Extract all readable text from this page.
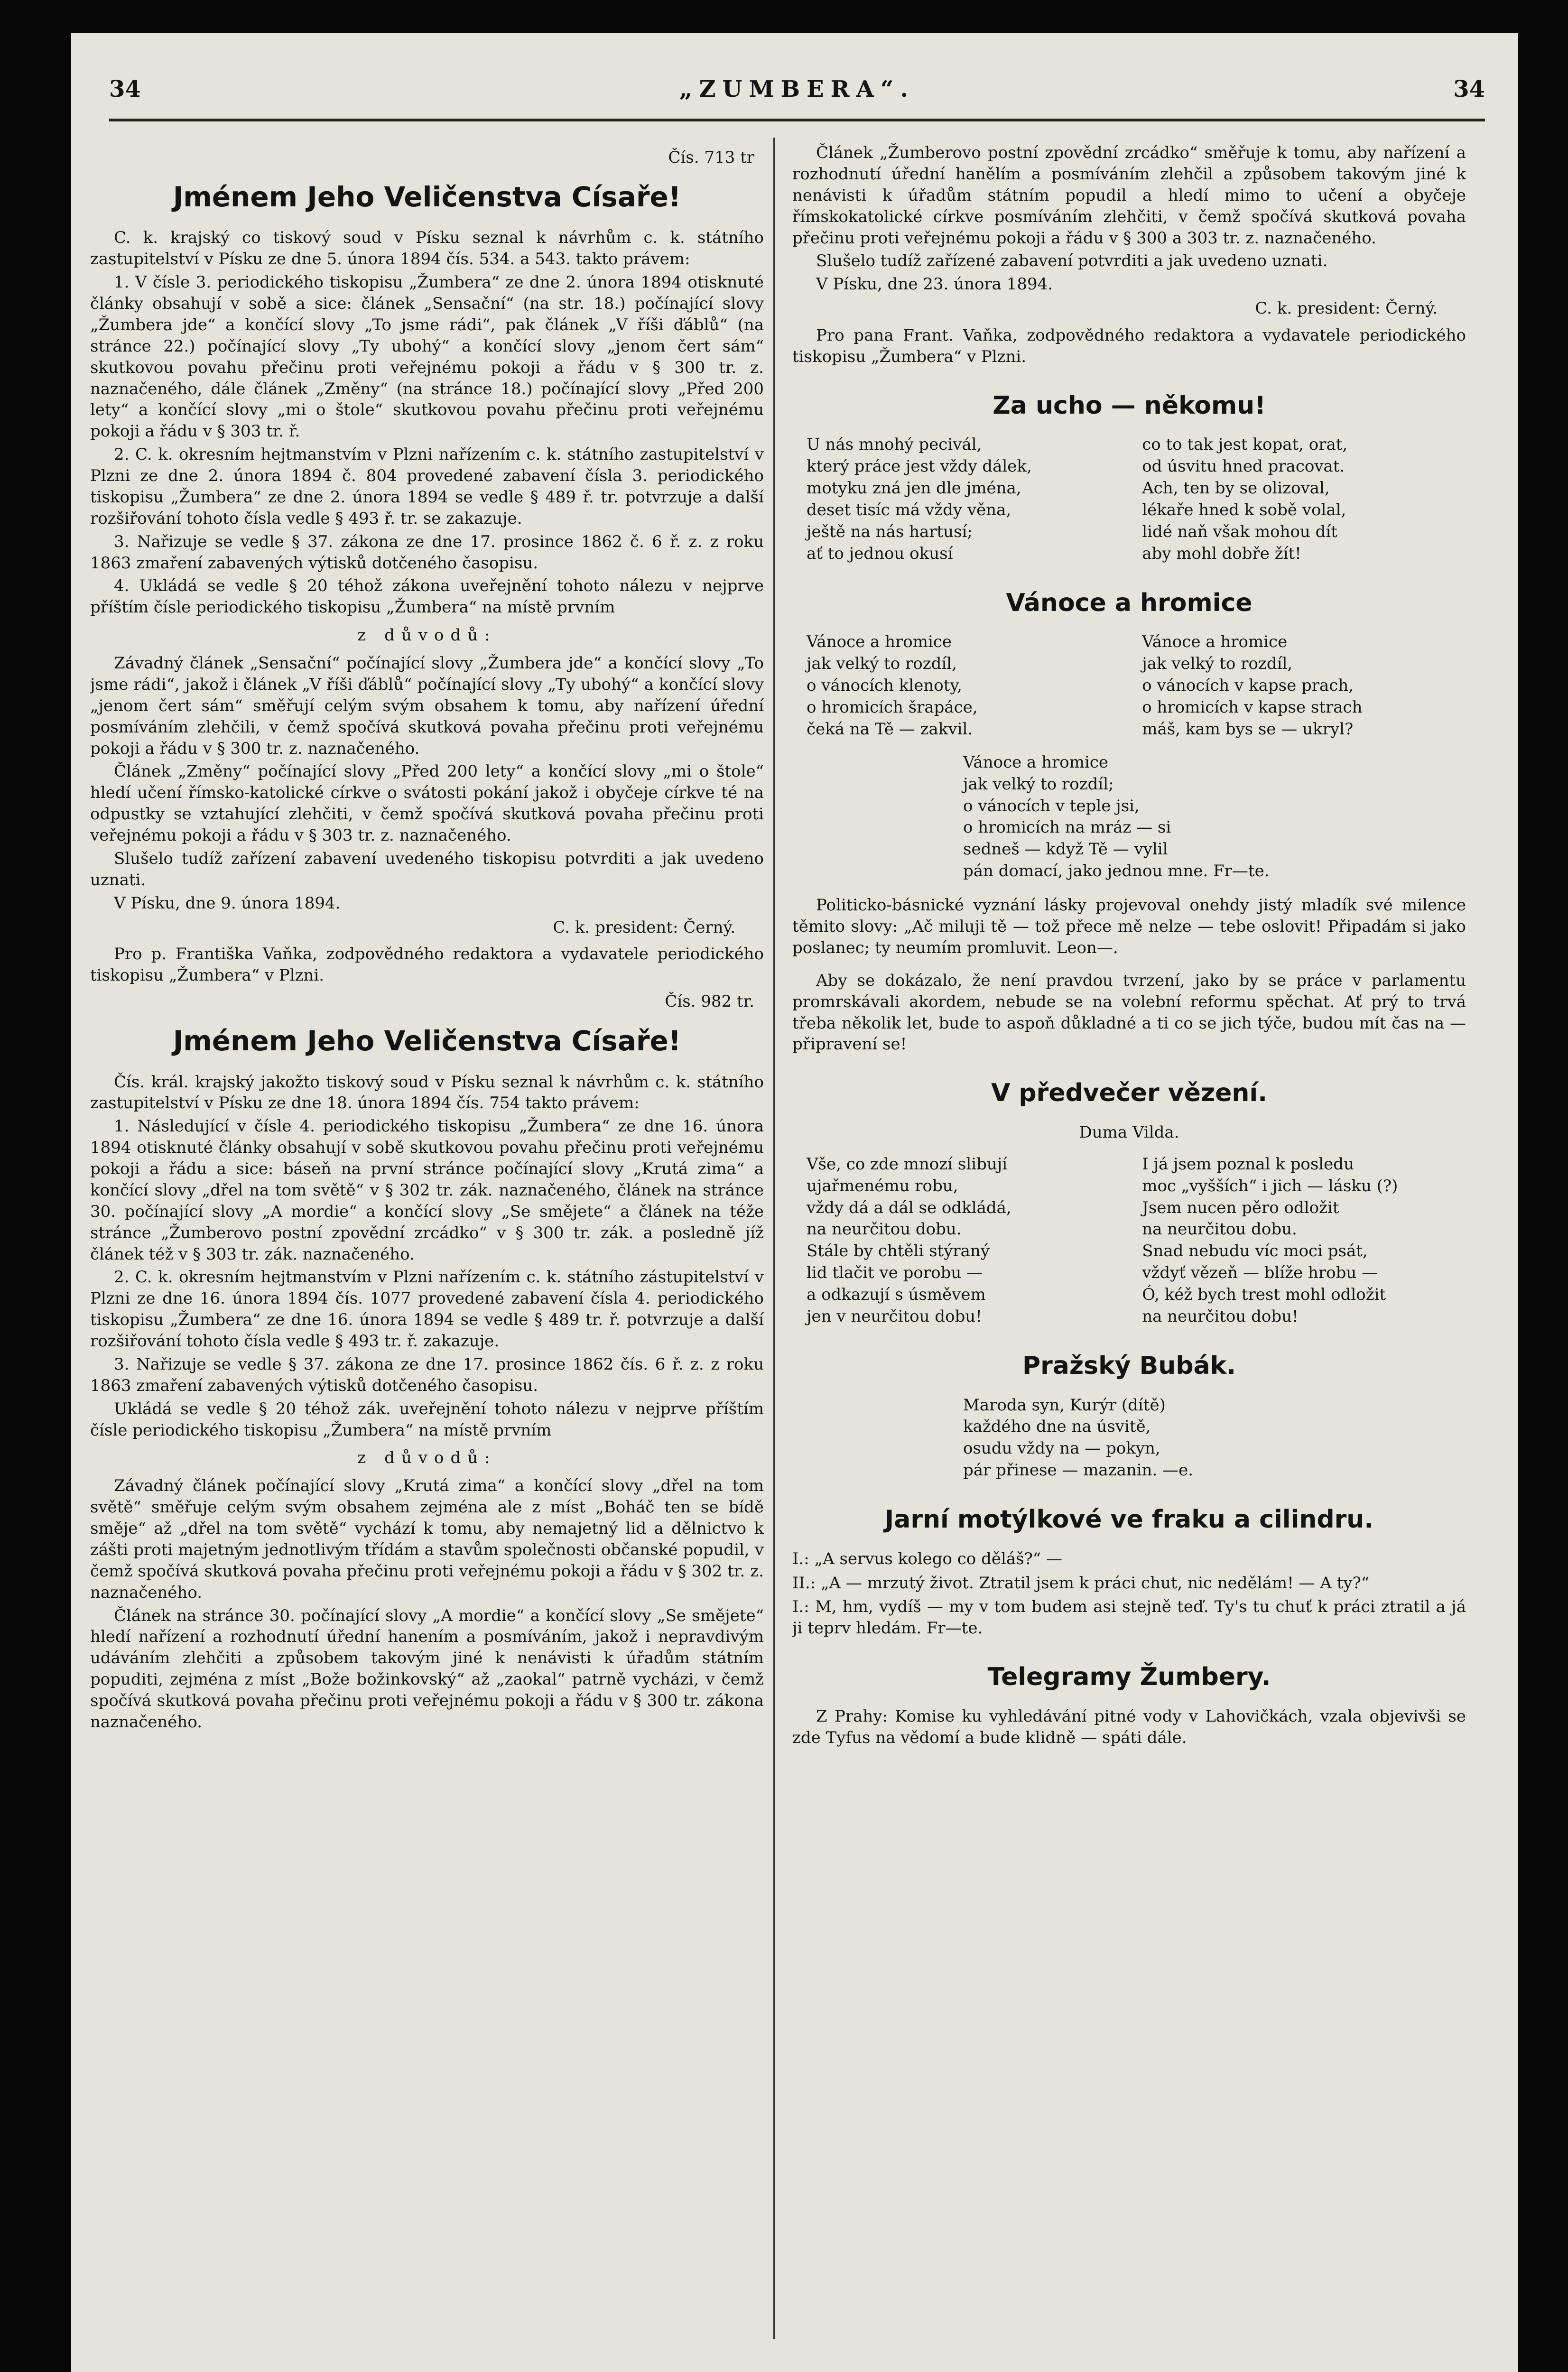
34	„ZUMBERA“.	34
Čís. 713 tr
Jménem Jeho Veličenstva Císaře!

C. k. krajský co tiskový soud v Písku seznal k návrhům c. k. státního zastupitelství v Písku ze dne 5. února 1894 čís. 534. a 543. takto právem:

1. V čísle 3. periodického tiskopisu „Žumbera“ ze dne 2. února 1894 otisknuté články obsahují v sobě a sice: článek „Sensační“ (na str. 18.) počínající slovy „Žumbera jde“ a končící slovy „To jsme rádi“, pak článek „V říši ďáblů“ (na stránce 22.) počínající slovy „Ty ubohý“ a končící slovy „jenom čert sám“ skutkovou povahu přečinu proti veřejnému pokoji a řádu v § 300 tr. z. naznačeného, dále článek „Změny“ (na stránce 18.) počínající slovy „Před 200 lety“ a končící slovy „mi o štole“ skutkovou povahu přečinu proti veřejnému pokoji a řádu v § 303 tr. ř.

2. C. k. okresním hejtmanstvím v Plzni nařízením c. k. státního zastupitelství v Plzni ze dne 2. února 1894 č. 804 provedené zabavení čísla 3. periodického tiskopisu „Žumbera“ ze dne 2. února 1894 se vedle § 489 ř. tr. potvrzuje a další rozšiřování tohoto čísla vedle § 493 ř. tr. se zakazuje.

3. Nařizuje se vedle § 37. zákona ze dne 17. prosince 1862 č. 6 ř. z. z roku 1863 zmaření zabavených výtisků dotčeného časopisu.

4. Ukládá se vedle § 20 téhož zákona uveřejnění tohoto nálezu v nejprve příštím čísle periodického tiskopisu „Žumbera“ na místě prvním

z důvodů:

Závadný článek „Sensační“ počínající slovy „Žumbera jde“ a končící slovy „To jsme rádi“, jakož i článek „V říši ďáblů“ počínající slovy „Ty ubohý“ a končící slovy „jenom čert sám“ směřují celým svým obsahem k tomu, aby nařízení úřední posmíváním zlehčili, v čemž spočívá skutková povaha přečinu proti veřejnému pokoji a řádu v § 300 tr. z. naznačeného.

Článek „Změny“ počínající slovy „Před 200 lety“ a končící slovy „mi o štole“ hledí učení římsko-katolické církve o svátosti pokání jakož i obyčeje církve té na odpustky se vztahující zlehčiti, v čemž spočívá skutková povaha přečinu proti veřejnému pokoji a řádu v § 303 tr. z. naznačeného.

Slušelo tudíž zařízení zabavení uvedeného tiskopisu potvrditi a jak uvedeno uznati.

V Písku, dne 9. února 1894.

C. k. president: Černý.

Pro p. Františka Vaňka, zodpovědného redaktora a vydavatele periodického tiskopisu „Žumbera“ v Plzni.

Čís. 982 tr.
Jménem Jeho Veličenstva Císaře!

Čís. král. krajský jakožto tiskový soud v Písku seznal k návrhům c. k. státního zastupitelství v Písku ze dne 18. února 1894 čís. 754 takto právem:

1. Následující v čísle 4. periodického tiskopisu „Žumbera“ ze dne 16. února 1894 otisknuté články obsahují v sobě skutkovou povahu přečinu proti veřejnému pokoji a řádu a sice: báseň na první stránce počínající slovy „Krutá zima“ a končící slovy „dřel na tom světě“ v § 302 tr. zák. naznačeného, článek na stránce 30. počínající slovy „A mordie“ a končící slovy „Se smějete“ a článek na téže stránce „Žumberovo postní zpovědní zrcádko“ v § 300 tr. zák. a posledně jíž článek též v § 303 tr. zák. naznačeného.

2. C. k. okresním hejtmanstvím v Plzni nařízením c. k. státního zástupitelství v Plzni ze dne 16. února 1894 čís. 1077 provedené zabavení čísla 4. periodického tiskopisu „Žumbera“ ze dne 16. února 1894 se vedle § 489 tr. ř. potvrzuje a další rozšiřování tohoto čísla vedle § 493 tr. ř. zakazuje.

3. Nařizuje se vedle § 37. zákona ze dne 17. prosince 1862 čís. 6 ř. z. z roku 1863 zmaření zabavených výtisků dotčeného časopisu.

Ukládá se vedle § 20 téhož zák. uveřejnění tohoto nálezu v nejprve příštím čísle periodického tiskopisu „Žumbera“ na místě prvním

z důvodů:

Závadný článek počínající slovy „Krutá zima“ a končící slovy „dřel na tom světě“ směřuje celým svým obsahem zejména ale z míst „Boháč ten se bídě směje“ až „dřel na tom světě“ vychází k tomu, aby nemajetný lid a dělnictvo k zášti proti majetným jednotlivým třídám a stavům společnosti občanské popudil, v čemž spočívá skutková povaha přečinu proti veřejnému pokoji a řádu v § 302 tr. z. naznačeného.

Článek na stránce 30. počínající slovy „A mordie“ a končící slovy „Se smějete“ hledí nařízení a rozhodnutí úřední hanením a posmíváním, jakož i nepravdivým udáváním zlehčiti a způsobem takovým jiné k nenávisti k úřadům státním popuditi, zejména z míst „Bože božinkovský“ až „zaokal“ patrně vycházi, v čemž spočívá skutková povaha přečinu proti veřejnému pokoji a řádu v § 300 tr. zákona naznačeného.

Článek „Žumberovo postní zpovědní zrcádko“ směřuje k tomu, aby nařízení a rozhodnutí úřední hanělím a posmíváním zlehčil a způsobem takovým jiné k nenávisti k úřadům státním popudil a hledí mimo to učení a obyčeje římskokatolické církve posmíváním zlehčiti, v čemž spočívá skutková povaha přečinu proti veřejnému pokoji a řádu v § 300 a 303 tr. z. naznačeného.

Slušelo tudíž zařízené zabavení potvrditi a jak uvedeno uznati.

V Písku, dne 23. února 1894.

C. k. president: Černý.

Pro pana Frant. Vaňka, zodpovědného redaktora a vydavatele periodického tiskopisu „Žumbera“ v Plzni.

Za ucho — někomu!

U nás mnohý pecivál,

který práce jest vždy dálek,

motyku zná jen dle jména,

deset tisíc má vždy věna,

ještě na nás hartusí;

ať to jednou okusí

co to tak jest kopat, orat,

od úsvitu hned pracovat.

Ach, ten by se olizoval,

lékaře hned k sobě volal,

lidé naň však mohou dít

aby mohl dobře žít!

Vánoce a hromice

Vánoce a hromice

jak velký to rozdíl,

o vánocích klenoty,

o hromicích šrapáce,

čeká na Tě — zakvil.

Vánoce a hromice

jak velký to rozdíl,

o vánocích v kapse prach,

o hromicích v kapse strach

máš, kam bys se — ukryl?

Vánoce a hromice

jak velký to rozdíl;

o vánocích v teple jsi,

o hromicích na mráz — si

sedneš — když Tě — vylil

pán domací, jako jednou mne. Fr—te.

Politicko-básnické vyznání lásky projevoval onehdy jistý mladík své milence těmito slovy: „Ač miluji tě — tož přece mě nelze — tebe oslovit! Připadám si jako poslanec; ty neumím promluvit. Leon—.

Aby se dokázalo, že není pravdou tvrzení, jako by se práce v parlamentu promrskávali akordem, nebude se na volební reformu spěchat. Ať prý to trvá třeba několik let, bude to aspoň důkladné a ti co se jich týče, budou mít čas na — připravení se!

V předvečer vězení.
Duma Vilda.

Vše, co zde mnozí slibují

ujařmenému robu,

vždy dá a dál se odkládá,

na neurčitou dobu.

Stále by chtěli stýraný

lid tlačit ve porobu —

a odkazují s úsměvem

jen v neurčitou dobu!

I já jsem poznal k posledu

moc „vyšších“ i jich — lásku (?)

Jsem nucen pěro odložit

na neurčitou dobu.

Snad nebudu víc moci psát,

vždyť vězeň — blíže hrobu —

Ó, kéž bych trest mohl odložit

na neurčitou dobu!

Pražský Bubák.

Maroda syn, Kurýr (dítě)

každého dne na úsvitě,

osudu vždy na — pokyn,

pár přinese — mazanin. —e.

Jarní motýlkové ve fraku a cilindru.

I.: „A servus kolego co děláš?“ —

II.: „A — mrzutý život. Ztratil jsem k práci chut, nic nedělám! — A ty?“

I.: M, hm, vydíš — my v tom budem asi stejně teď. Ty's tu chuť k práci ztratil a já ji teprv hledám. Fr—te.

Telegramy Žumbery.

Z Prahy: Komise ku vyhledávání pitné vody v Lahovičkách, vzala objevivši se zde Tyfus na vědomí a bude klidně — spáti dále.
